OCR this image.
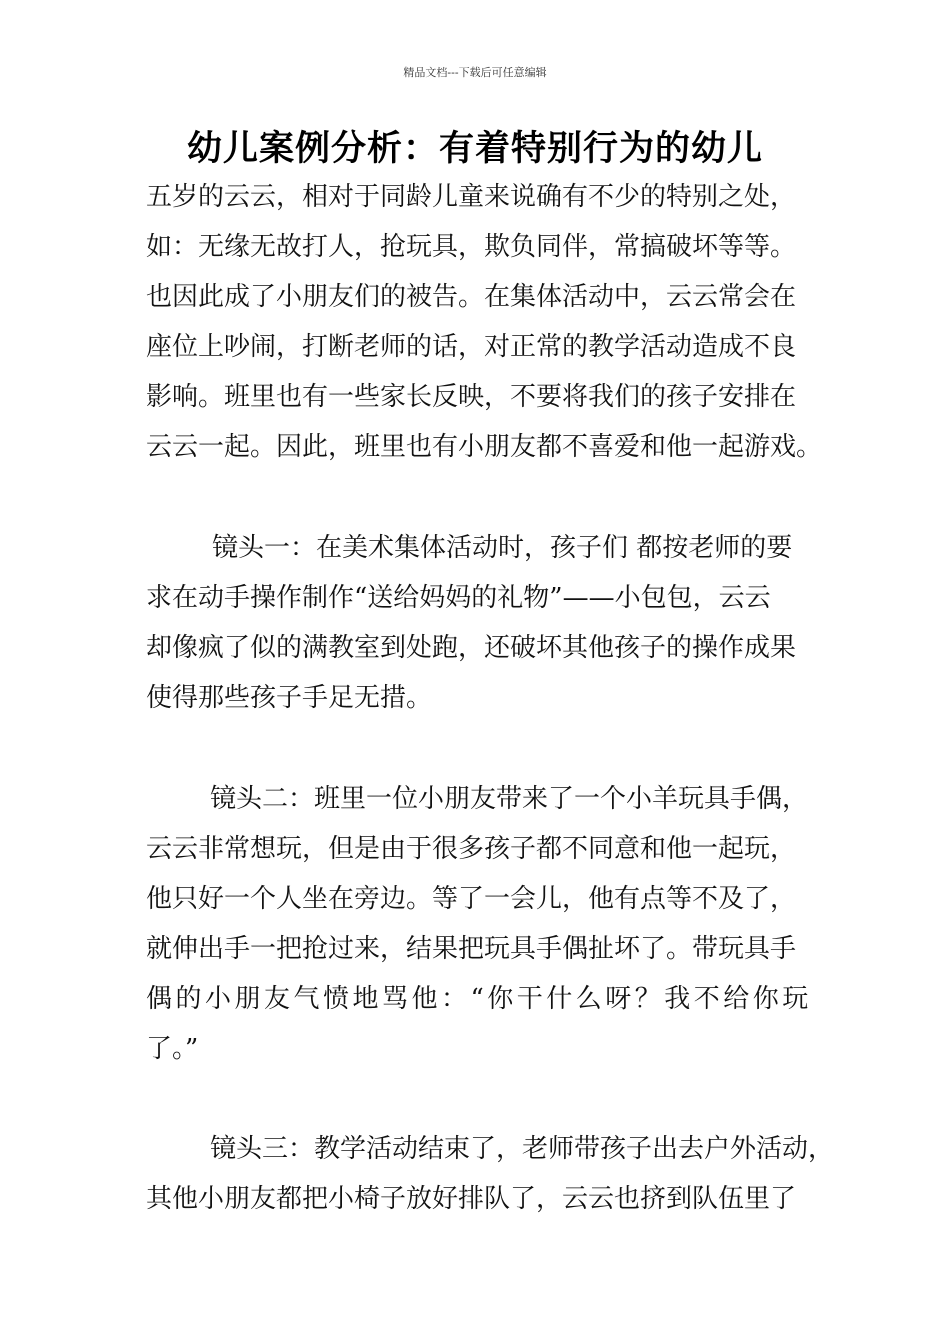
精品文档---下载后可任意编辑
幼儿案例分析：有着特别行为的幼儿
五岁的云云，相对于同龄儿童来说确有不少的特别之处，
如：无缘无故打人，抢玩具，欺负同伴，常搞破坏等等。
也因此成了小朋友们的被告。在集体活动中，云云常会在
座位上吵闹，打断老师的话，对正常的教学活动造成不良
影响。班里也有一些家长反映，不要将我们的孩子安排在
云云一起。因此，班里也有小朋友都不喜爱和他一起游戏。
镜头一：在美术集体活动时，孩子们 都按老师的要
求在动手操作制作“送给妈妈的礼物”——小包包，云云
却像疯了似的满教室到处跑，还破坏其他孩子的操作成果
使得那些孩子手足无措。
镜头二：班里一位小朋友带来了一个小羊玩具手偶，
云云非常想玩，但是由于很多孩子都不同意和他一起玩，
他只好一个人坐在旁边。等了一会儿，他有点等不及了，
就伸出手一把抢过来，结果把玩具手偶扯坏了。带玩具手
偶的小朋友气愤地骂他：“你干什么呀？我不给你玩
了。”
镜头三：教学活动结束了，老师带孩子出去户外活动，
其他小朋友都把小椅子放好排队了，云云也挤到队伍里了
